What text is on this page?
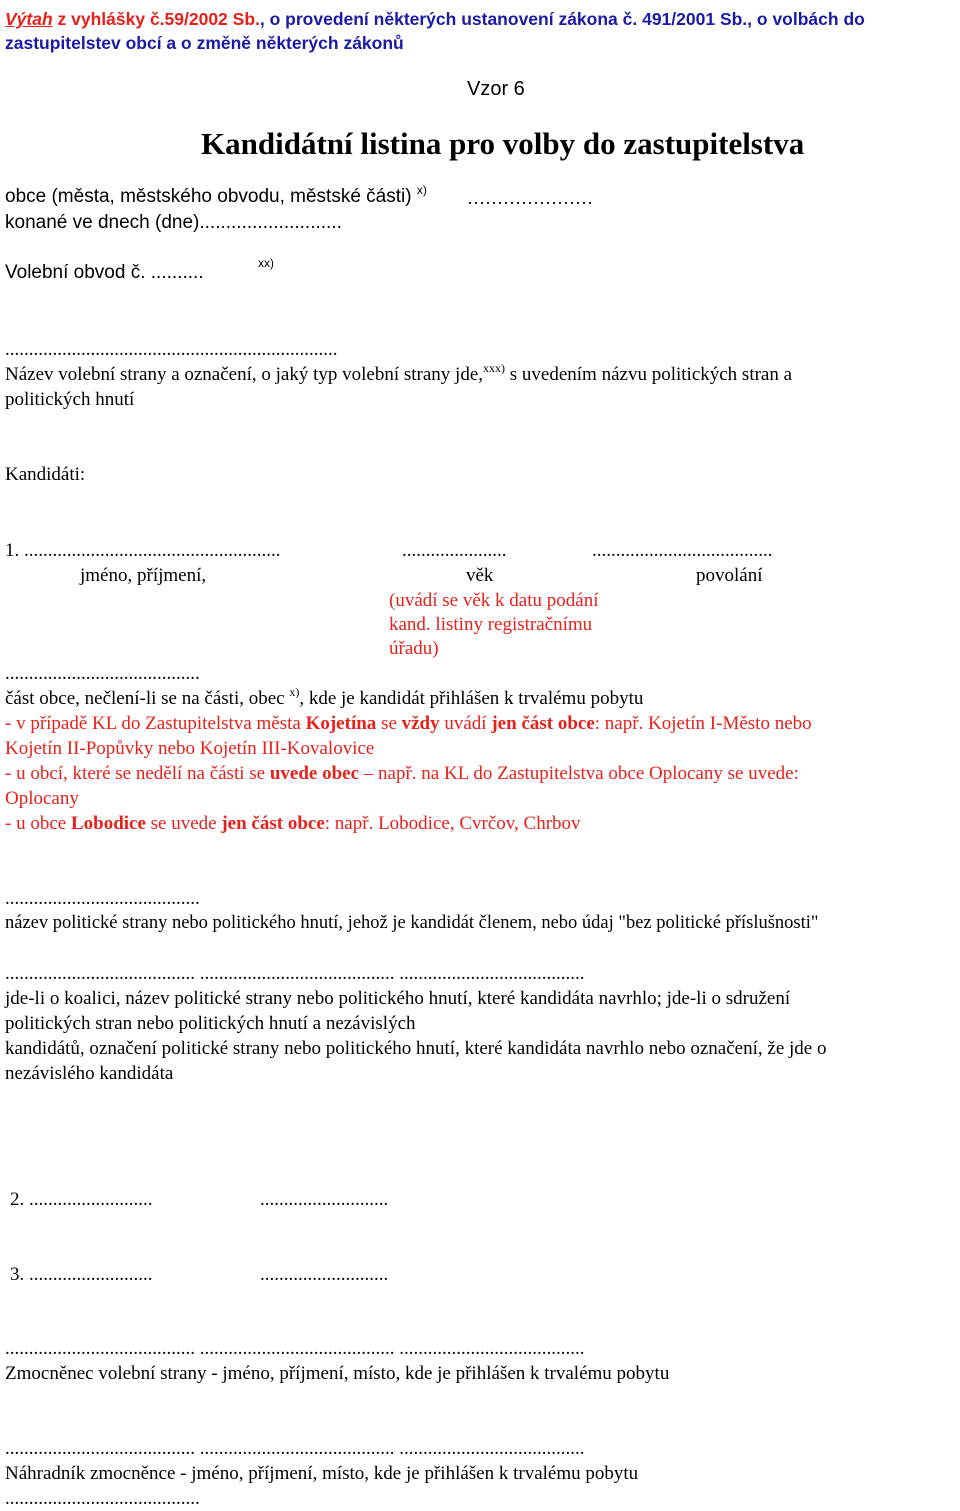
Výtah z vyhlášky č.59/2002 Sb., o provedení některých ustanovení zákona č. 491/2001 Sb., o volbách do
zastupitelstev obcí a o změně některých zákonů
Vzor 6
Kandidátní listina pro volby do zastupitelstva
obce (města, městského obvodu, městské části) $^{x)}$ …………………
konané ve dnech (dne)...........................
Volební obvod č. ..........	xx)
......................................................................
Název volební strany a označení, o jaký typ volební strany jde,$^{xxx)}$ s uvedením názvu politických stran a
politických hnutí
Kandidáti:
1. ......................................................	......................	......................................
jméno, příjmení,	věk	povolání
(uvádí se věk k datu podání
kand. listiny registračnímu
úřadu)
.........................................
část obce, nečlení-li se na části, obec $^{x)}$, kde je kandidát přihlášen k trvalému pobytu
- v případě KL do Zastupitelstva města Kojetína se vždy uvádí jen část obce: např. Kojetín I-Město nebo
Kojetín II-Popůvky nebo Kojetín III-Kovalovice
- u obcí, které se nedělí na části se uvede obec – např. na KL do Zastupitelstva obce Oplocany se uvede:
Oplocany
- u obce Lobodice se uvede jen část obce: např. Lobodice, Cvrčov, Chrbov
.........................................
název politické strany nebo politického hnutí, jehož je kandidát členem, nebo údaj "bez politické příslušnosti"
........................................ ......................................... .......................................
jde-li o koalici, název politické strany nebo politického hnutí, které kandidáta navrhlo; jde-li o sdružení
politických stran nebo politických hnutí a nezávislých
kandidátů, označení politické strany nebo politického hnutí, které kandidáta navrhlo nebo označení, že jde o
nezávislého kandidáta
2. ..........................	...........................
3. ..........................	...........................
........................................ ......................................... .......................................
Zmocněnec volební strany - jméno, příjmení, místo, kde je přihlášen k trvalému pobytu
........................................ ......................................... .......................................
Náhradník zmocněnce - jméno, příjmení, místo, kde je přihlášen k trvalému pobytu
.........................................
